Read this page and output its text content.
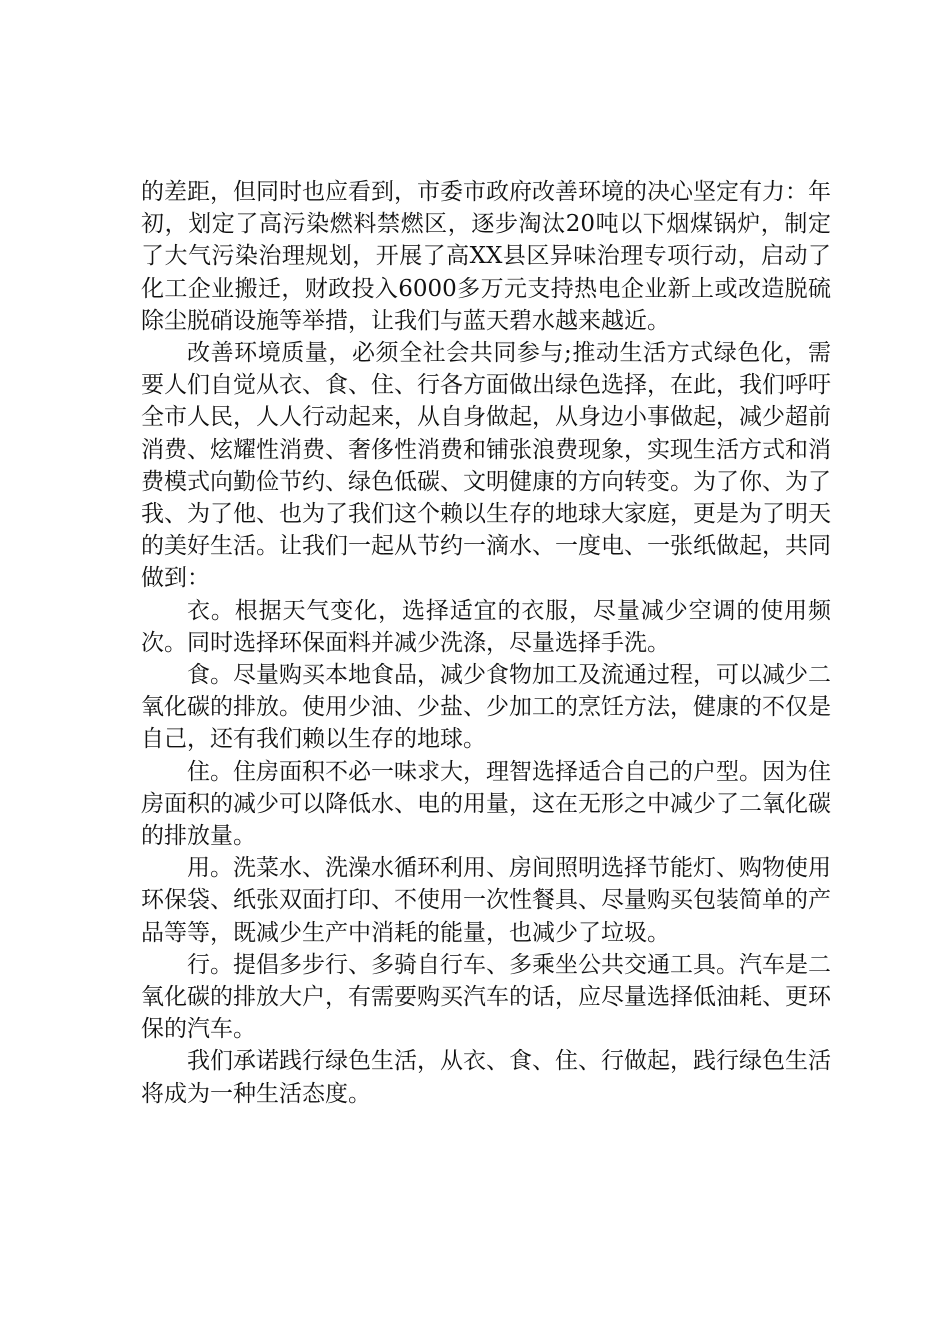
的差距，但同时也应看到，市委市政府改善环境的决心坚定有力：年初，划定了高污染燃料禁燃区，逐步淘汰20吨以下烟煤锅炉，制定了大气污染治理规划，开展了高XX县区异味治理专项行动，启动了化工企业搬迁，财政投入6000多万元支持热电企业新上或改造脱硫除尘脱硝设施等举措，让我们与蓝天碧水越来越近。

改善环境质量，必须全社会共同参与;推动生活方式绿色化，需要人们自觉从衣、食、住、行各方面做出绿色选择，在此，我们呼吁全市人民，人人行动起来，从自身做起，从身边小事做起，减少超前消费、炫耀性消费、奢侈性消费和铺张浪费现象，实现生活方式和消费模式向勤俭节约、绿色低碳、文明健康的方向转变。为了你、为了我、为了他、也为了我们这个赖以生存的地球大家庭，更是为了明天的美好生活。让我们一起从节约一滴水、一度电、一张纸做起，共同做到：

衣。根据天气变化，选择适宜的衣服，尽量减少空调的使用频次。同时选择环保面料并减少洗涤，尽量选择手洗。

食。尽量购买本地食品，减少食物加工及流通过程，可以减少二氧化碳的排放。使用少油、少盐、少加工的烹饪方法，健康的不仅是自己，还有我们赖以生存的地球。

住。住房面积不必一味求大，理智选择适合自己的户型。因为住房面积的减少可以降低水、电的用量，这在无形之中减少了二氧化碳的排放量。

用。洗菜水、洗澡水循环利用、房间照明选择节能灯、购物使用环保袋、纸张双面打印、不使用一次性餐具、尽量购买包装简单的产品等等，既减少生产中消耗的能量，也减少了垃圾。

行。提倡多步行、多骑自行车、多乘坐公共交通工具。汽车是二氧化碳的排放大户，有需要购买汽车的话，应尽量选择低油耗、更环保的汽车。

我们承诺践行绿色生活，从衣、食、住、行做起，践行绿色生活将成为一种生活态度。
